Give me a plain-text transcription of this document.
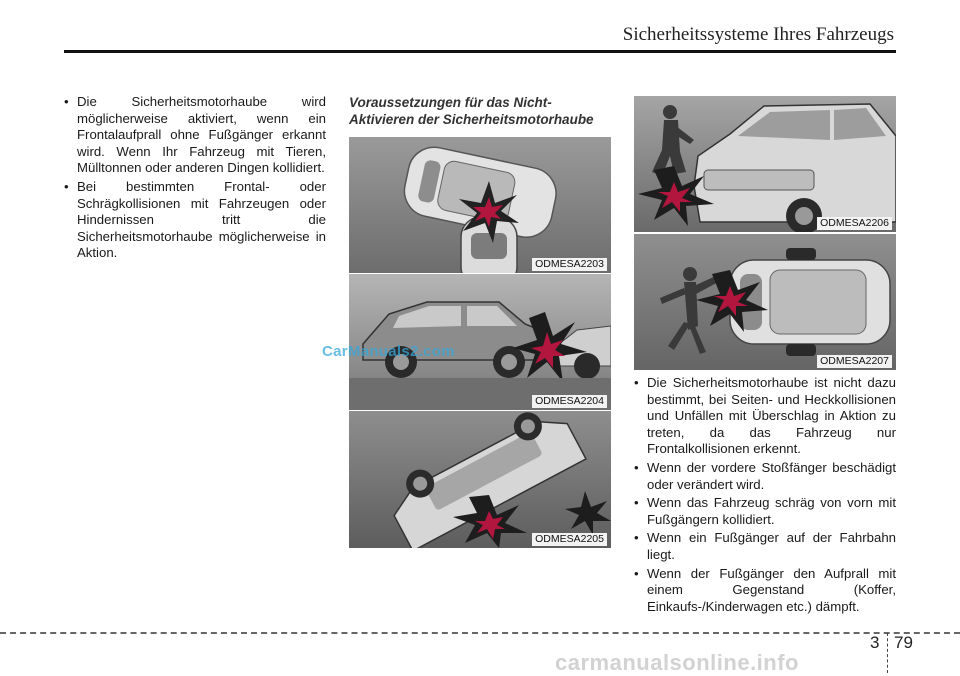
Sicherheitssysteme Ihres Fahrzeugs
• Die Sicherheitsmotorhaube wird möglicherweise aktiviert, wenn ein Frontalaufprall ohne Fußgänger erkannt wird. Wenn Ihr Fahrzeug mit Tieren, Mülltonnen oder anderen Dingen kollidiert.
• Bei bestimmten Frontal- oder Schrägkollisionen mit Fahrzeugen oder Hindernissen tritt die Sicherheitsmotorhaube möglicherweise in Aktion.
Voraussetzungen für das Nicht-Aktivieren der Sicherheitsmotorhaube
ODMESA2203
ODMESA2204
ODMESA2205
CarManuals2.com
ODMESA2206
ODMESA2207
• Die Sicherheitsmotorhaube ist nicht dazu bestimmt, bei Seiten- und Heckkollisionen und Unfällen mit Überschlag in Aktion zu treten, da das Fahrzeug nur Frontalkollisionen erkennt.
• Wenn der vordere Stoßfänger beschädigt oder verändert wird.
• Wenn das Fahrzeug schräg von vorn mit Fußgängern kollidiert.
• Wenn ein Fußgänger auf der Fahrbahn liegt.
• Wenn der Fußgänger den Aufprall mit einem Gegenstand (Koffer, Einkaufs-/Kinderwagen etc.) dämpft.
3 79
carmanualsonline.info
